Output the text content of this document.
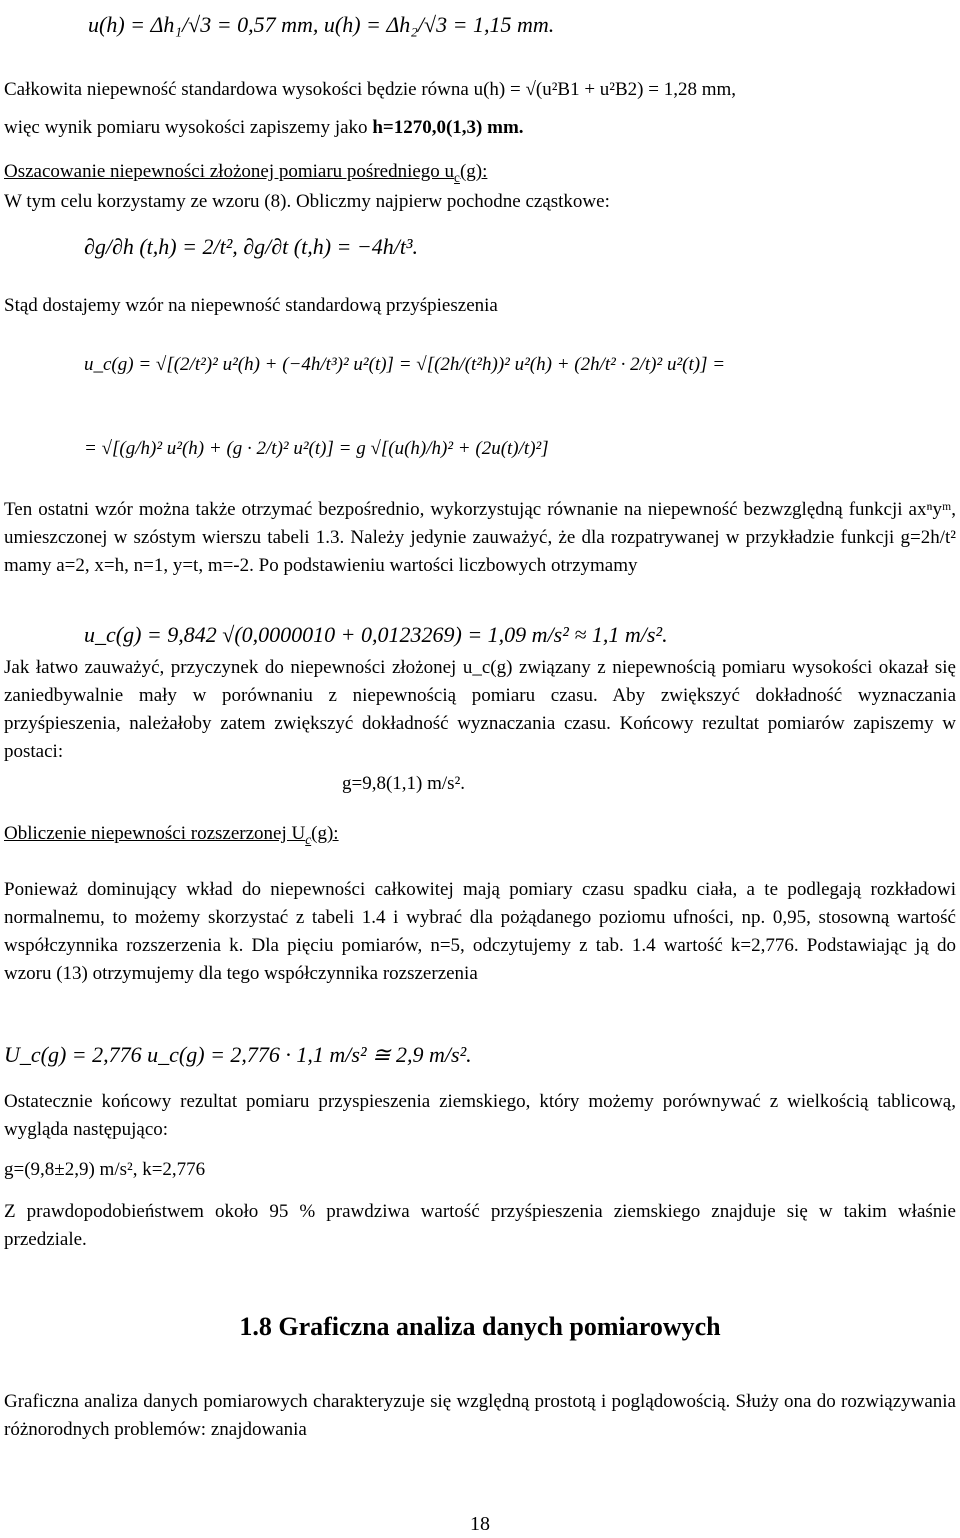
u(h) = Δh₁/√3 = 0,57 mm, u(h) = Δh₂/√3 = 1,15 mm.
Całkowita niepewność standardowa wysokości będzie równa u(h) = √(u²B1 + u²B2) = 1,28 mm,
więc wynik pomiaru wysokości zapiszemy jako h=1270,0(1,3) mm.
Oszacowanie niepewności złożonej pomiaru pośredniego $u_c(g)$:
W tym celu korzystamy ze wzoru (8). Obliczmy najpierw pochodne cząstkowe:
∂g/∂h (t,h) = 2/t², ∂g/∂t (t,h) = −4h/t³.
Stąd dostajemy wzór na niepewność standardową przyśpieszenia
u_c(g) = √[(2/t²)² u²(h) + (−4h/t³)² u²(t)] = √[(2h/(t²h))² u²(h) + (2h/t² · 2/t)² u²(t)] =
= √[(g/h)² u²(h) + (g · 2/t)² u²(t)] = g √[(u(h)/h)² + (2u(t)/t)²]
Ten ostatni wzór można także otrzymać bezpośrednio, wykorzystując równanie na niepewność bezwzględną funkcji axⁿyᵐ, umieszczonej w szóstym wierszu tabeli 1.3. Należy jedynie zauważyć, że dla rozpatrywanej w przykładzie funkcji g=2h/t² mamy a=2, x=h, n=1, y=t, m=-2. Po podstawieniu wartości liczbowych otrzymamy
u_c(g) = 9,842 √(0,0000010 + 0,0123269) = 1,09 m/s² ≈ 1,1 m/s².
Jak łatwo zauważyć, przyczynek do niepewności złożonej u_c(g) związany z niepewnością pomiaru wysokości okazał się zaniedbywalnie mały w porównaniu z niepewnością pomiaru czasu. Aby zwiększyć dokładność wyznaczania przyśpieszenia, należałoby zatem zwiększyć dokładność wyznaczania czasu. Końcowy rezultat pomiarów zapiszemy w postaci:
g=9,8(1,1) m/s².
Obliczenie niepewności rozszerzonej $U_c(g)$:
Ponieważ dominujący wkład do niepewności całkowitej mają pomiary czasu spadku ciała, a te podlegają rozkładowi normalnemu, to możemy skorzystać z tabeli 1.4 i wybrać dla pożądanego poziomu ufności, np. 0,95, stosowną wartość współczynnika rozszerzenia k. Dla pięciu pomiarów, n=5, odczytujemy z tab. 1.4 wartość k=2,776. Podstawiając ją do wzoru (13) otrzymujemy dla tego współczynnika rozszerzenia
U_c(g) = 2,776 u_c(g) = 2,776 · 1,1 m/s² ≅ 2,9 m/s².
Ostatecznie końcowy rezultat pomiaru przyspieszenia ziemskiego, który możemy porównywać z wielkością tablicową, wygląda następująco:
g=(9,8±2,9) m/s², k=2,776
Z prawdopodobieństwem około 95 % prawdziwa wartość przyśpieszenia ziemskiego znajduje się w takim właśnie przedziale.
1.8 Graficzna analiza danych pomiarowych
Graficzna analiza danych pomiarowych charakteryzuje się względną prostotą i poglądowością. Służy ona do rozwiązywania różnorodnych problemów: znajdowania
18
